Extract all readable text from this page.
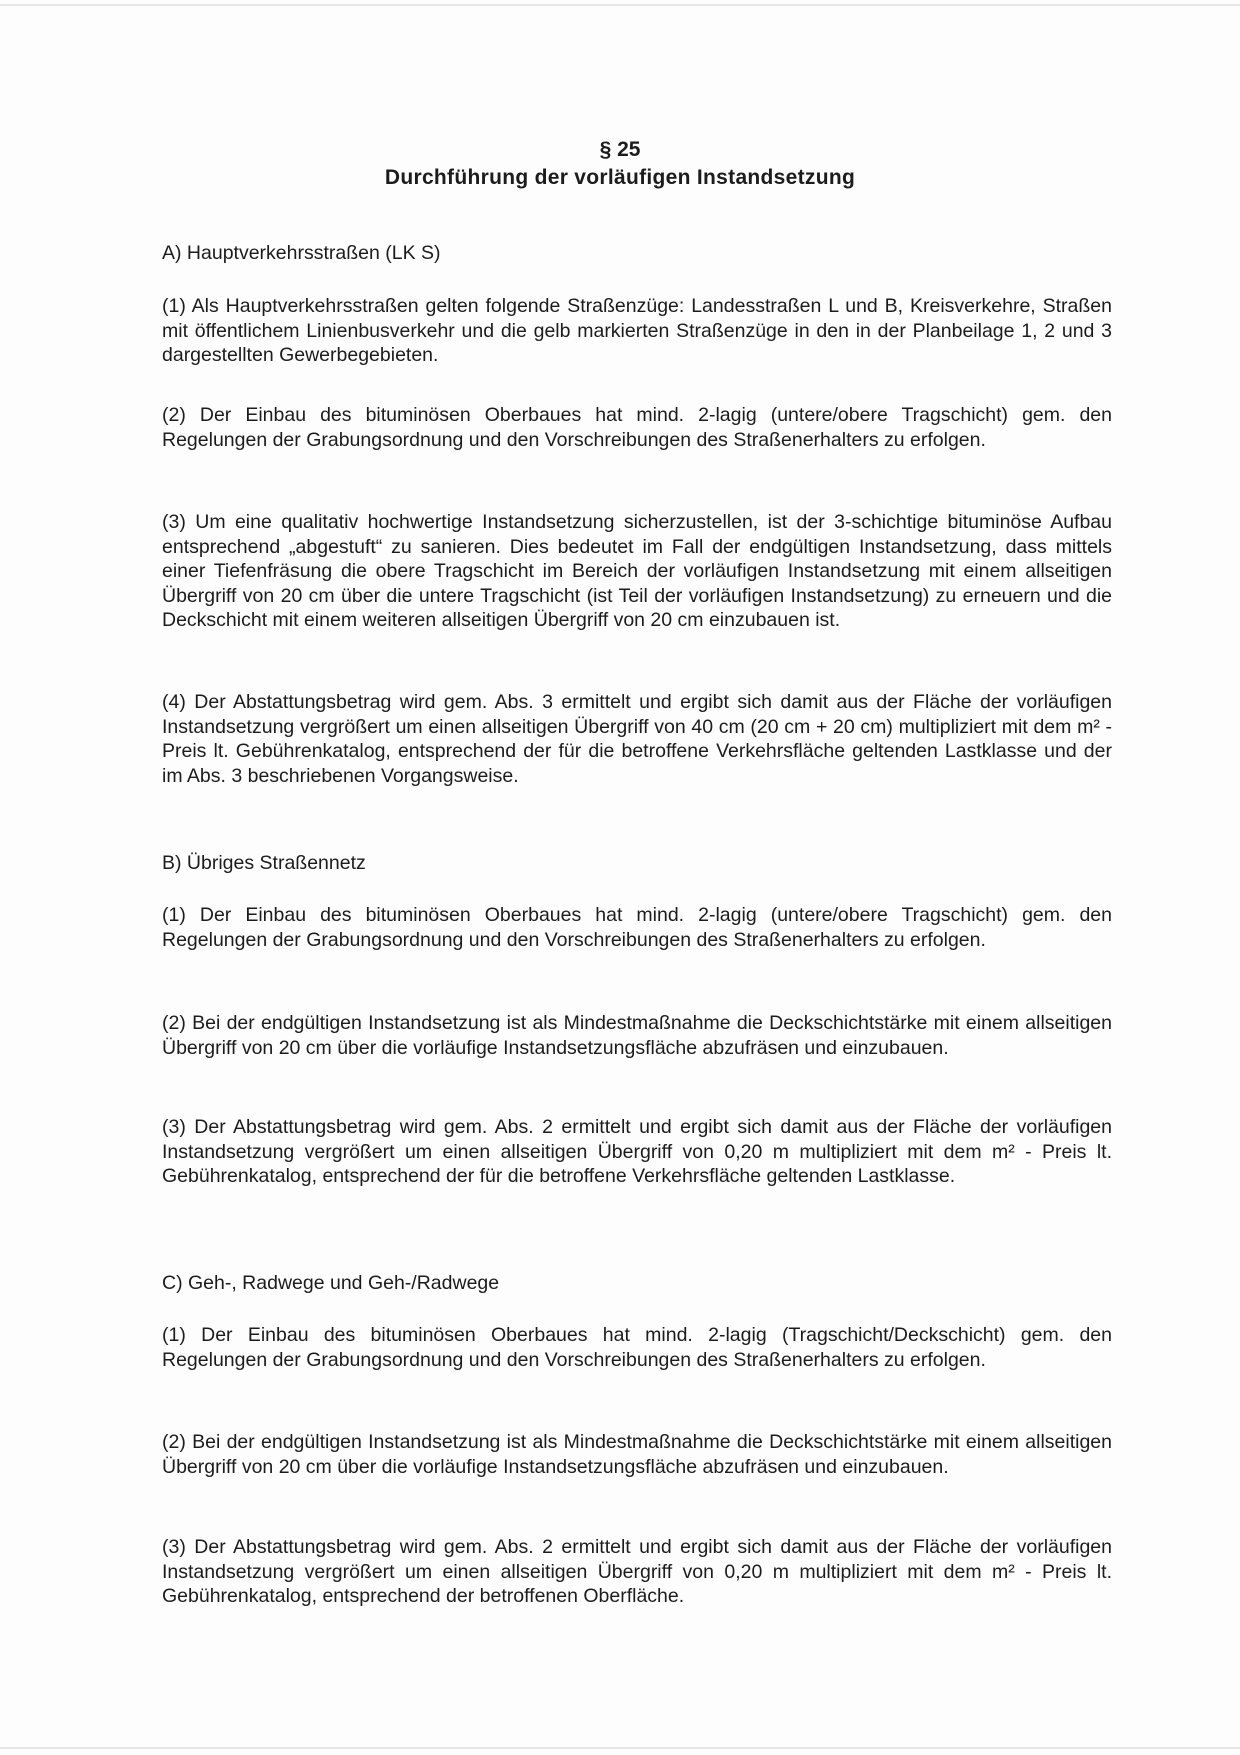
§ 25
Durchführung der vorläufigen Instandsetzung
A) Hauptverkehrsstraßen (LK S)
(1) Als Hauptverkehrsstraßen gelten folgende Straßenzüge: Landesstraßen L und B, Kreisverkehre, Straßen mit öffentlichem Linienbusverkehr und die gelb markierten Straßenzüge in den in der Planbeilage 1, 2 und 3 dargestellten Gewerbegebieten.
(2) Der Einbau des bituminösen Oberbaues hat mind. 2-lagig (untere/obere Tragschicht) gem. den Regelungen der Grabungsordnung und den Vorschreibungen des Straßenerhalters zu erfolgen.
(3) Um eine qualitativ hochwertige Instandsetzung sicherzustellen, ist der 3-schichtige bituminöse Aufbau entsprechend „abgestuft“ zu sanieren. Dies bedeutet im Fall der endgültigen Instandsetzung, dass mittels einer Tiefenfräsung die obere Tragschicht im Bereich der vorläufigen Instandsetzung mit einem allseitigen Übergriff von 20 cm über die untere Tragschicht (ist Teil der vorläufigen Instandsetzung) zu erneuern und die Deckschicht mit einem weiteren allseitigen Übergriff von 20 cm einzubauen ist.
(4) Der Abstattungsbetrag wird gem. Abs. 3 ermittelt und ergibt sich damit aus der Fläche der vorläufigen Instandsetzung vergrößert um einen allseitigen Übergriff von 40 cm (20 cm + 20 cm) multipliziert mit dem m² - Preis lt. Gebührenkatalog, entsprechend der für die betroffene Verkehrsfläche geltenden Lastklasse und der im Abs. 3 beschriebenen Vorgangsweise.
B) Übriges Straßennetz
(1) Der Einbau des bituminösen Oberbaues hat mind. 2-lagig (untere/obere Tragschicht) gem. den Regelungen der Grabungsordnung und den Vorschreibungen des Straßenerhalters zu erfolgen.
(2) Bei der endgültigen Instandsetzung ist als Mindestmaßnahme die Deckschichtstärke mit einem allseitigen Übergriff von 20 cm über die vorläufige Instandsetzungsfläche abzufräsen und einzubauen.
(3) Der Abstattungsbetrag wird gem. Abs. 2 ermittelt und ergibt sich damit aus der Fläche der vorläufigen Instandsetzung vergrößert um einen allseitigen Übergriff von 0,20 m multipliziert mit dem m² - Preis lt. Gebührenkatalog, entsprechend der für die betroffene Verkehrsfläche geltenden Lastklasse.
C) Geh-, Radwege und Geh-/Radwege
(1) Der Einbau des bituminösen Oberbaues hat mind. 2-lagig (Tragschicht/Deckschicht) gem. den Regelungen der Grabungsordnung und den Vorschreibungen des Straßenerhalters zu erfolgen.
(2) Bei der endgültigen Instandsetzung ist als Mindestmaßnahme die Deckschichtstärke mit einem allseitigen Übergriff von 20 cm über die vorläufige Instandsetzungsfläche abzufräsen und einzubauen.
(3) Der Abstattungsbetrag wird gem. Abs. 2 ermittelt und ergibt sich damit aus der Fläche der vorläufigen Instandsetzung vergrößert um einen allseitigen Übergriff von 0,20 m multipliziert mit dem m² - Preis lt. Gebührenkatalog, entsprechend der betroffenen Oberfläche.
